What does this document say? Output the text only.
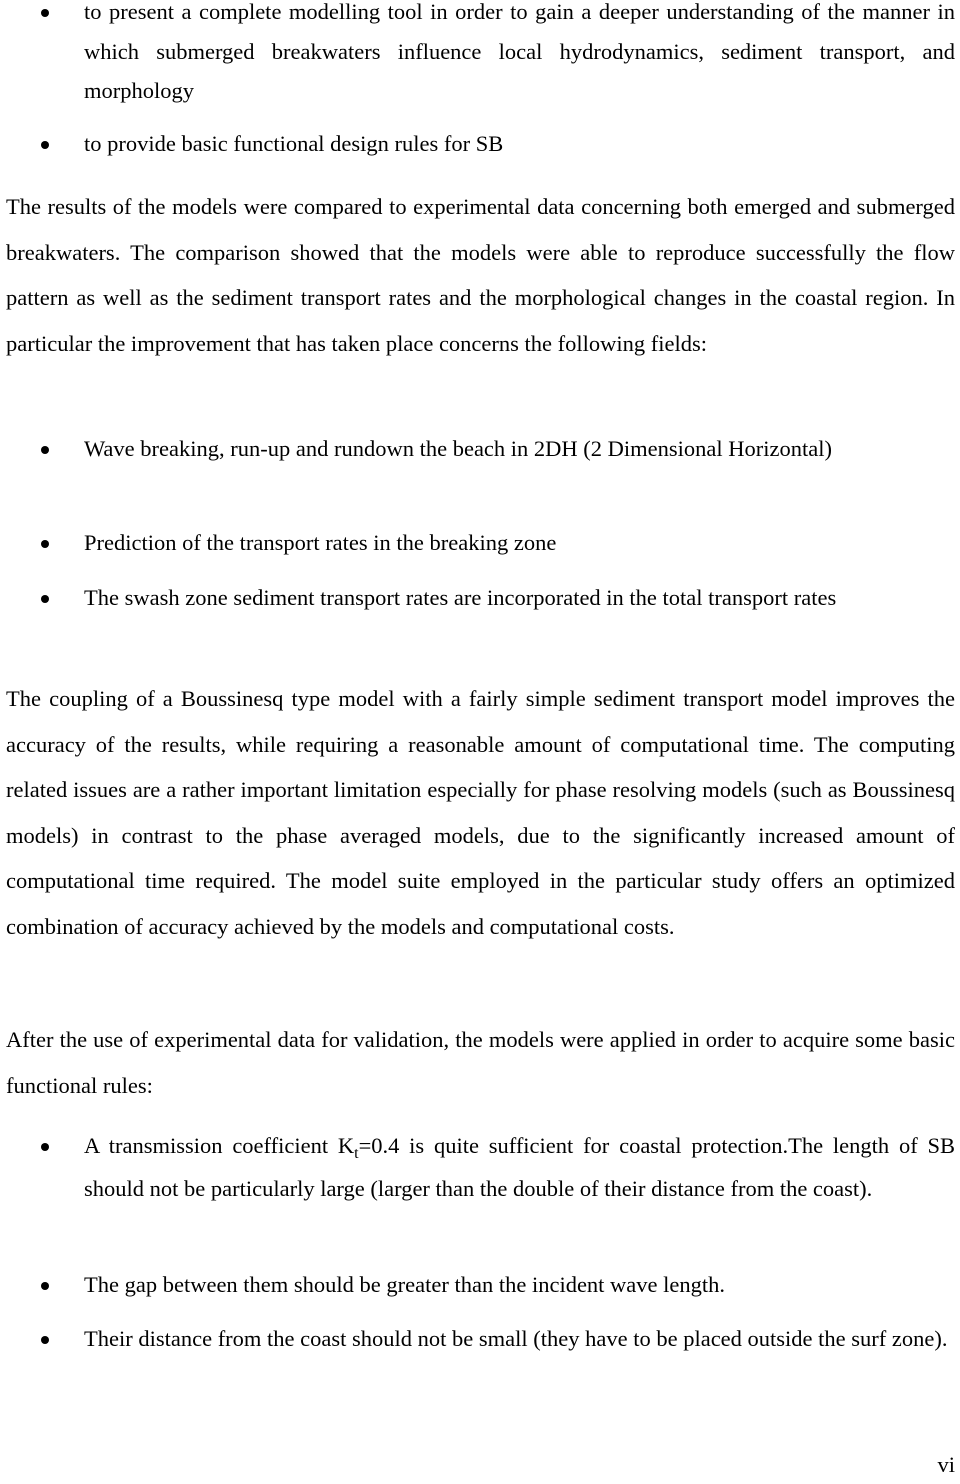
to present a complete modelling tool in order to gain a deeper understanding of the manner in which submerged breakwaters influence local hydrodynamics, sediment transport, and morphology

to provide basic functional design rules for SB

The results of the models were compared to experimental data concerning both emerged and submerged breakwaters. The comparison showed that the models were able to reproduce successfully the flow pattern as well as the sediment transport rates and the morphological changes in the coastal region. In particular the improvement that has taken place concerns the following fields:

Wave breaking, run-up and rundown the beach in 2DH (2 Dimensional Horizontal)

Prediction of the transport rates in the breaking zone

The swash zone sediment transport rates are incorporated in the total transport rates

The coupling of a Boussinesq type model with a fairly simple sediment transport model improves the accuracy of the results, while requiring a reasonable amount of computational time. The computing related issues are a rather important limitation especially for phase resolving models (such as Boussinesq models) in contrast to the phase averaged models, due to the significantly increased amount of computational time required. The model suite employed in the particular study offers an optimized combination of accuracy achieved by the models and computational costs.

After the use of experimental data for validation, the models were applied in order to acquire some basic functional rules:

A transmission coefficient $K_t=0.4$ is quite sufficient for coastal protection.The length of SB should not be particularly large (larger than the double of their distance from the coast).

The gap between them should be greater than the incident wave length.

Their distance from the coast should not be small (they have to be placed outside the surf zone).

vi
